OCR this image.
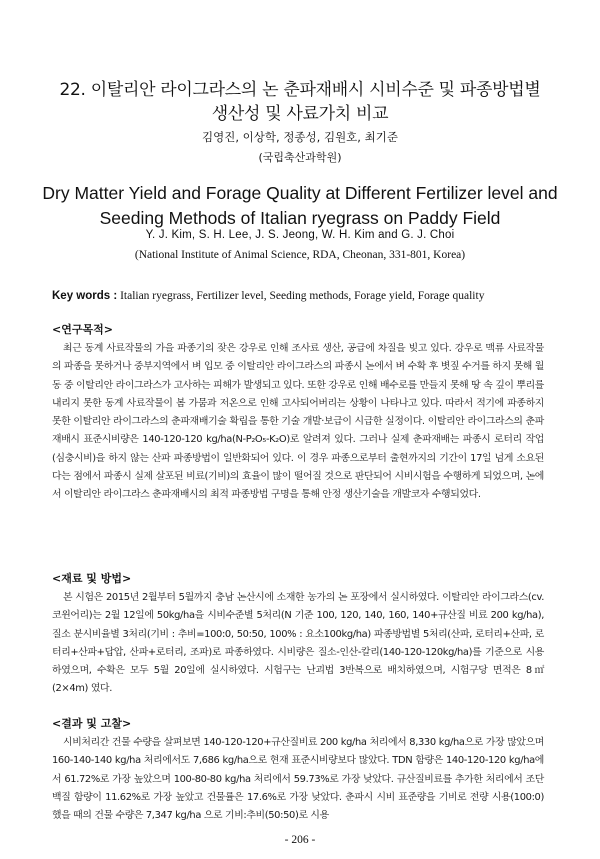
22. 이탈리안 라이그라스의 논 춘파재배시 시비수준 및 파종방법별
생산성 및 사료가치 비교
김영진, 이상학, 정종성, 김원호, 최기준
(국립축산과학원)
Dry Matter Yield and Forage Quality at Different Fertilizer level and
Seeding Methods of Italian ryegrass on Paddy Field
Y. J. Kim, S. H. Lee, J. S. Jeong, W. H. Kim and G. J. Choi
(National Institute of Animal Science, RDA, Cheonan, 331-801, Korea)
Key words : Italian ryegrass, Fertilizer level, Seeding methods, Forage yield, Forage quality
<연구목적>

최근 동계 사료작물의 가을 파종기의 잦은 강우로 인해 조사료 생산, 공급에 차질을 빚고 있다. 강우로 맥류 사료작물의 파종을 못하거나 중부지역에서 벼 입모 중 이탈리안 라이그라스의 파종시 논에서 벼 수확 후 볏짚 수거를 하지 못해 월동 중 이탈리안 라이그라스가 고사하는 피해가 발생되고 있다. 또한 강우로 인해 배수로를 만들지 못해 땅 속 깊이 뿌리를 내리지 못한 동계 사료작물이 봄 가뭄과 저온으로 인해 고사되어버리는 상황이 나타나고 있다. 따라서 적기에 파종하지 못한 이탈리안 라이그라스의 춘파재배기술 확립을 통한 기술 개발·보급이 시급한 실정이다. 이탈리안 라이그라스의 춘파재배시 표준시비량은 140-120-120 kg/ha(N-P₂O₅-K₂O)로 알려져 있다. 그러나 실제 춘파재배는 파종시 로터리 작업(심충시비)을 하지 않는 산파 파종방법이 일반화되어 있다. 이 경우 파종으로부터 출현까지의 기간이 17일 넘게 소요된다는 점에서 파종시 실제 살포된 비료(기비)의 효율이 많이 떨어질 것으로 판단되어 시비시험을 수행하게 되었으며, 논에서 이탈리안 라이그라스 춘파재배시의 최적 파종방법 구명을 통해 안정 생산기술을 개발코자 수행되었다.

<재료 및 방법>

본 시험은 2015년 2월부터 5월까지 충남 논산시에 소재한 농가의 논 포장에서 실시하였다. 이탈리안 라이그라스(cv. 코윈어리)는 2월 12일에 50kg/ha을 시비수준별 5처리(N 기준 100, 120, 140, 160, 140+규산질 비료 200 kg/ha), 질소 분시비율별 3처리(기비 : 추비=100:0, 50:50, 100% : 요소100kg/ha) 파종방법별 5처리(산파, 로터리+산파, 로터리+산파+답압, 산파+로터리, 조파)로 파종하였다. 시비량은 질소-인산-칼리(140-120-120kg/ha)를 기준으로 시용하였으며, 수확은 모두 5월 20일에 실시하였다. 시험구는 난괴법 3반복으로 배치하였으며, 시험구당 면적은 8㎡(2×4m) 였다.

<결과 및 고찰>

시비처리간 건물 수량을 살펴보면 140-120-120+규산질비료 200 kg/ha 처리에서 8,330 kg/ha으로 가장 많았으며 160-140-140 kg/ha 처리에서도 7,686 kg/ha으로 현재 표준시비량보다 많았다. TDN 함량은 140-120-120 kg/ha에서 61.72%로 가장 높았으며 100-80-80 kg/ha 처리에서 59.73%로 가장 낮았다. 규산질비료를 추가한 처리에서 조단백질 함량이 11.62%로 가장 높았고 건물률은 17.6%로 가장 낮았다. 춘파시 시비 표준량을 기비로 전량 시용(100:0) 했을 때의 건물 수량은 7,347 kg/ha 으로 기비:추비(50:50)로 시용

- 206 -
